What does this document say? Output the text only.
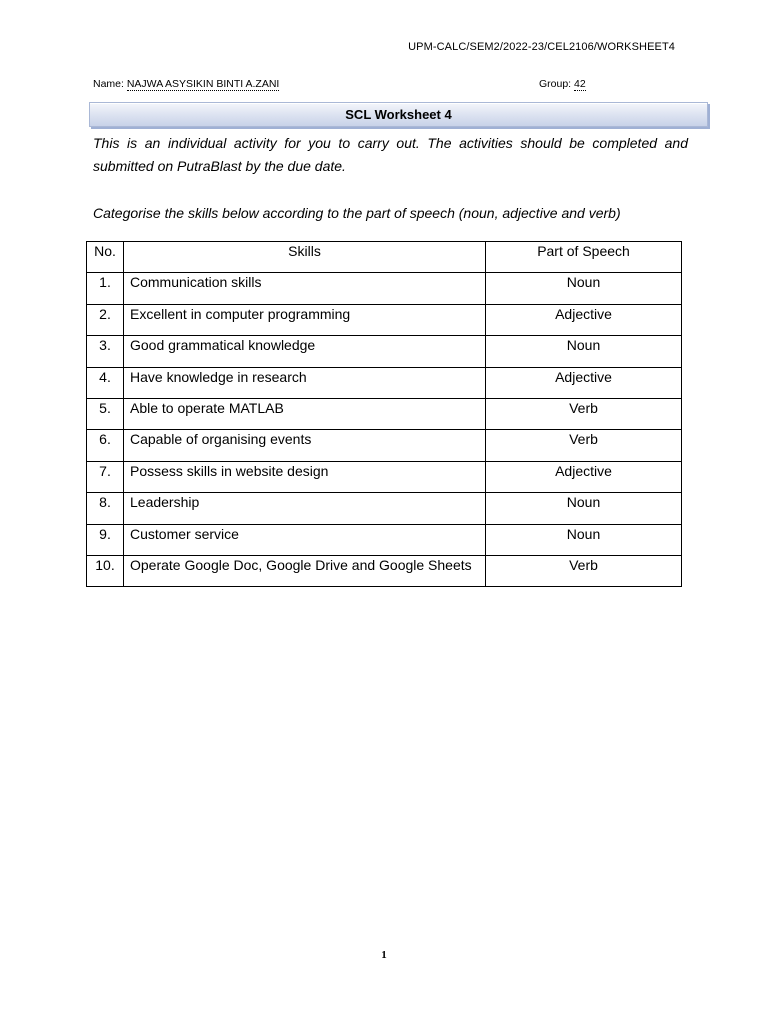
UPM-CALC/SEM2/2022-23/CEL2106/WORKSHEET4
Name: NAJWA ASYSIKIN BINTI A.ZANI	Group: 42
SCL Worksheet 4

This is an individual activity for you to carry out. The activities should be completed and submitted on PutraBlast by the due date.

Categorise the skills below according to the part of speech (noun, adjective and verb)

No.	Skills	Part of Speech
1.	Communication skills	Noun
2.	Excellent in computer programming	Adjective
3.	Good grammatical knowledge	Noun
4.	Have knowledge in research	Adjective
5.	Able to operate MATLAB	Verb
6.	Capable of organising events	Verb
7.	Possess skills in website design	Adjective
8.	Leadership	Noun
9.	Customer service	Noun
10.	Operate Google Doc, Google Drive and Google Sheets	Verb
1
